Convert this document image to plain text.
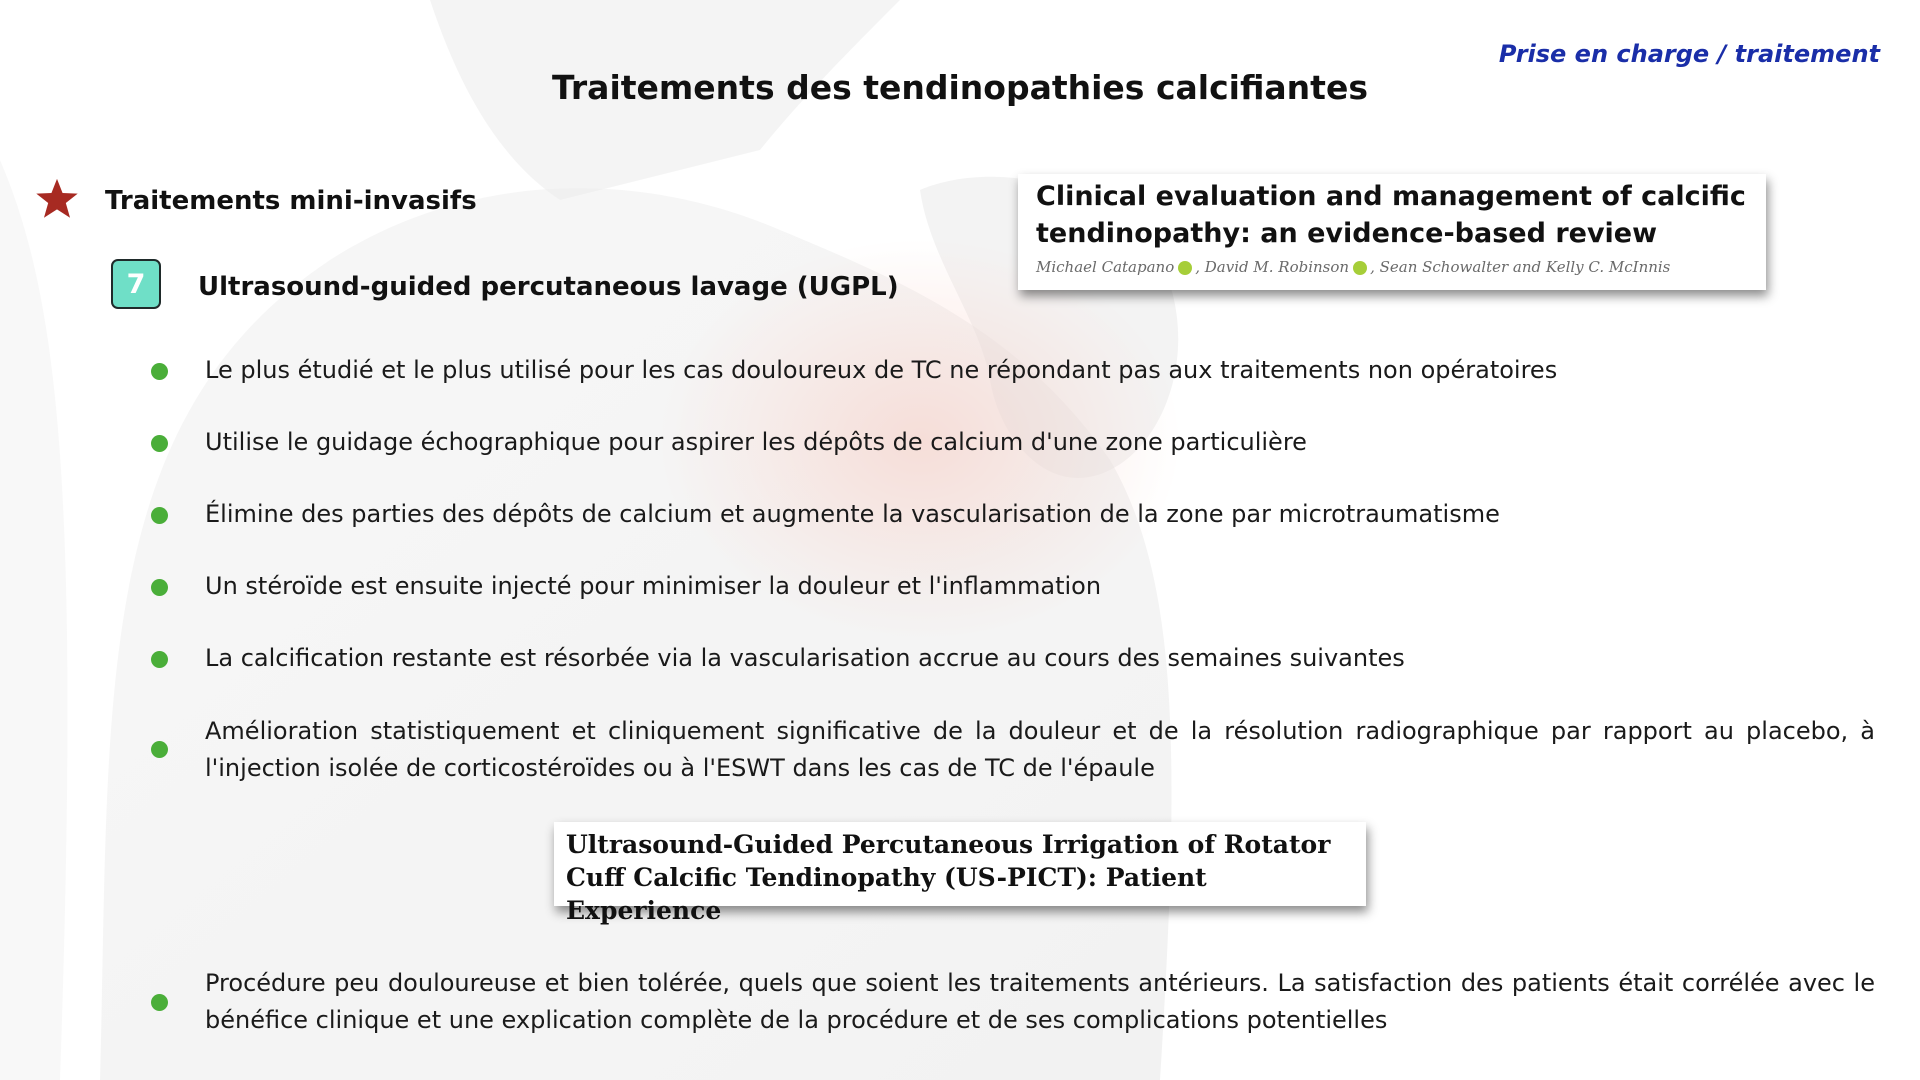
Prise en charge / traitement

Traitements des tendinopathies calcifiantes
Traitements mini-invasifs
7	Ultrasound-guided percutaneous lavage (UGPL)

Clinical evaluation and management of calcific tendinopathy: an evidence-based review

Michael Catapano , David M. Robinson , Sean Schowalter and Kelly C. McInnis

Le plus étudié et le plus utilisé pour les cas douloureux de TC ne répondant pas aux traitements non opératoires

Utilise le guidage échographique pour aspirer les dépôts de calcium d'une zone particulière

Élimine des parties des dépôts de calcium et augmente la vascularisation de la zone par microtraumatisme

Un stéroïde est ensuite injecté pour minimiser la douleur et l'inflammation

La calcification restante est résorbée via la vascularisation accrue au cours des semaines suivantes

Amélioration statistiquement et cliniquement significative de la douleur et de la résolution radiographique par rapport au placebo, à l'injection isolée de corticostéroïdes ou à l'ESWT dans les cas de TC de l'épaule

Ultrasound-Guided Percutaneous Irrigation of Rotator Cuff Calcific Tendinopathy (US-PICT): Patient Experience

Procédure peu douloureuse et bien tolérée, quels que soient les traitements antérieurs. La satisfaction des patients était corrélée avec le bénéfice clinique et une explication complète de la procédure et de ses complications potentielles
